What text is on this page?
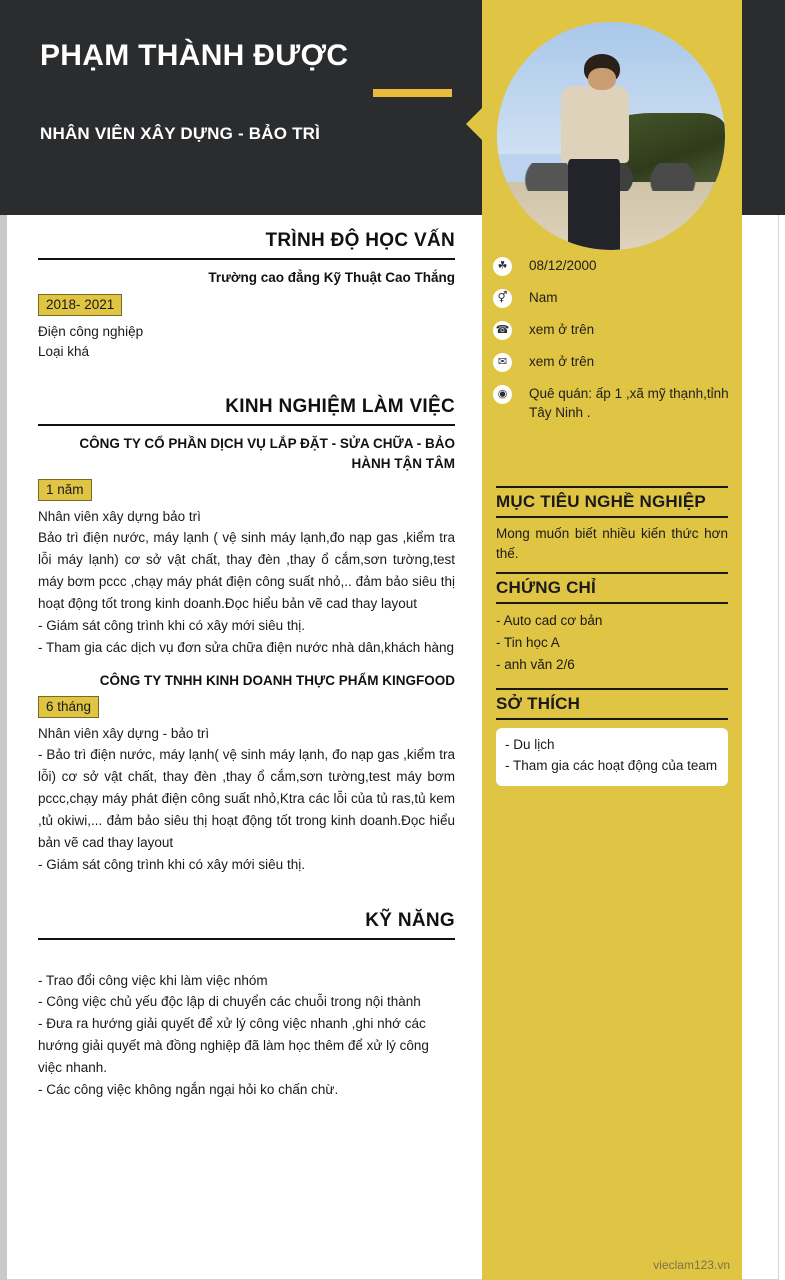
PHẠM THÀNH ĐƯỢC
NHÂN VIÊN XÂY DỰNG - BẢO TRÌ
☘	08/12/2000
⚥	Nam
☎ xem ở trên
✉	xem ở trên
◉	Quê quán: ấp 1 ,xã mỹ thạnh,tỉnh Tây Ninh .
MỤC TIÊU NGHỀ NGHIỆP
Mong muốn biết nhiều kiến thức hơn thế.
CHỨNG CHỈ
- Auto cad cơ bản
- Tin học A
- anh văn 2/6
SỞ THÍCH
- Du lịch
- Tham gia các hoạt động của team
vieclam123.vn
TRÌNH ĐỘ HỌC VẤN
Trường cao đẳng Kỹ Thuật Cao Thắng
2018- 2021
Điện công nghiệp
Loại khá
KINH NGHIỆM LÀM VIỆC
CÔNG TY CỔ PHẦN DỊCH VỤ LẮP ĐẶT - SỬA CHỮA - BẢO HÀNH TẬN TÂM
1 năm
Nhân viên xây dựng bảo trì
Bảo trì điện nước, máy lạnh ( vệ sinh máy lạnh,đo nạp gas ,kiểm tra lỗi máy lạnh) cơ sở vật chất, thay đèn ,thay ổ cắm,sơn tường,test máy bơm pccc ,chạy máy phát điện công suất nhỏ,.. đảm bảo siêu thị hoạt động tốt trong kinh doanh.Đọc hiểu bản vẽ cad thay layout
- Giám sát công trình khi có xây mới siêu thị.
- Tham gia các dịch vụ đơn sửa chữa điện nước nhà dân,khách hàng
CÔNG TY TNHH KINH DOANH THỰC PHẨM KINGFOOD
6 tháng
Nhân viên xây dựng - bảo trì
- Bảo trì điện nước, máy lạnh( vệ sinh máy lạnh, đo nạp gas ,kiểm tra lỗi) cơ sở vật chất, thay đèn ,thay ổ cắm,sơn tường,test máy bơm pccc,chạy máy phát điện công suất nhỏ,Ktra các lỗi của tủ ras,tủ kem ,tủ okiwi,... đảm bảo siêu thị hoạt động tốt trong kinh doanh.Đọc hiểu bản vẽ cad thay layout
- Giám sát công trình khi có xây mới siêu thị.
KỸ NĂNG
- Trao đổi công việc khi làm việc nhóm
- Công việc chủ yếu độc lập di chuyển các chuỗi trong nội thành
- Đưa ra hướng giải quyết để xử lý công việc nhanh ,ghi nhớ các hướng giải quyết mà đồng nghiệp đã làm học thêm để xử lý công việc nhanh.
- Các công việc không ngắn ngại hỏi ko chấn chừ.
